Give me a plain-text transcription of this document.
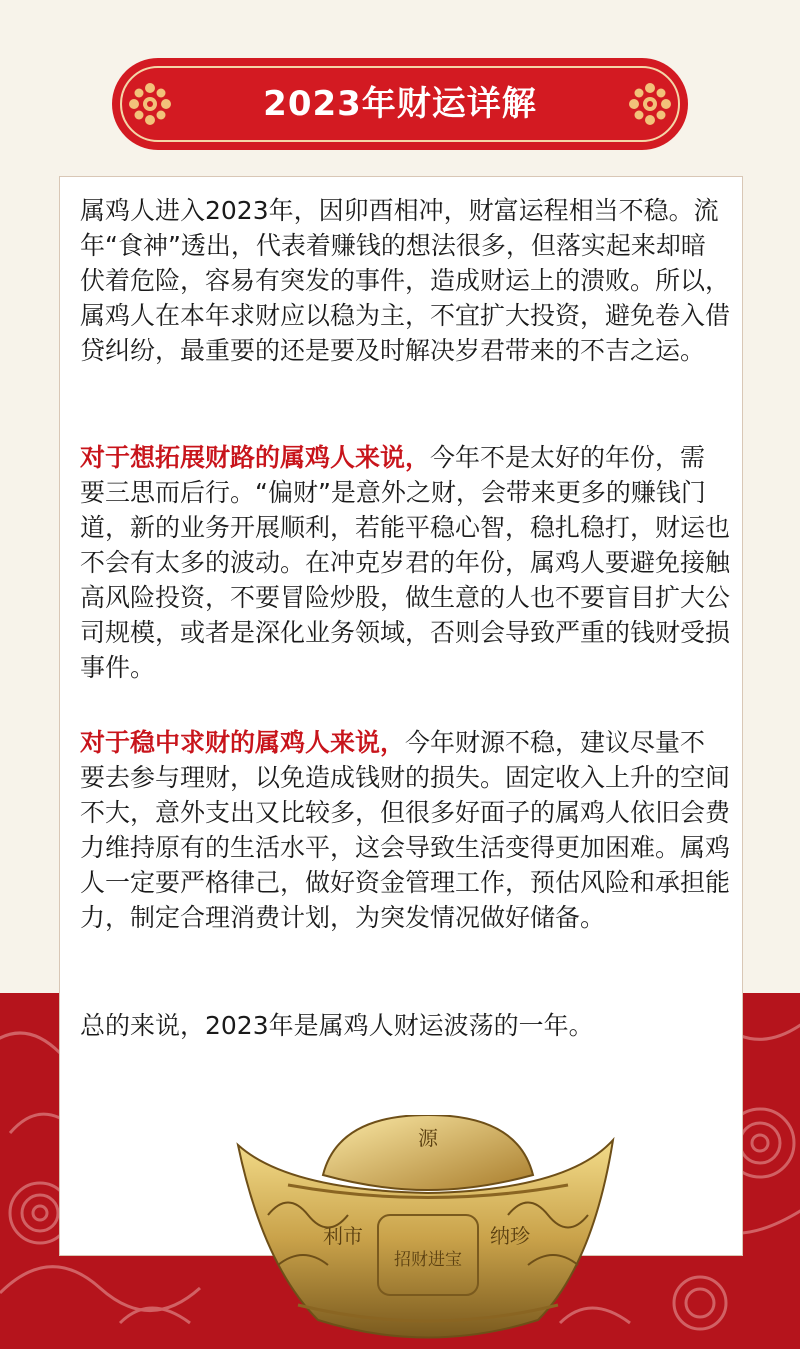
2023年财运详解

属鸡人进入2023年，因卯酉相冲，财富运程相当不稳。流年“食神”透出，代表着赚钱的想法很多，但落实起来却暗伏着危险，容易有突发的事件，造成财运上的溃败。所以，属鸡人在本年求财应以稳为主，不宜扩大投资，避免卷入借贷纠纷，最重要的还是要及时解决岁君带来的不吉之运。

对于想拓展财路的属鸡人来说，今年不是太好的年份，需要三思而后行。“偏财”是意外之财，会带来更多的赚钱门道，新的业务开展顺利，若能平稳心智，稳扎稳打，财运也不会有太多的波动。在冲克岁君的年份，属鸡人要避免接触高风险投资，不要冒险炒股，做生意的人也不要盲目扩大公司规模，或者是深化业务领域，否则会导致严重的钱财受损事件。

对于稳中求财的属鸡人来说，今年财源不稳，建议尽量不要去参与理财，以免造成钱财的损失。固定收入上升的空间不大，意外支出又比较多，但很多好面子的属鸡人依旧会费力维持原有的生活水平，这会导致生活变得更加困难。属鸡人一定要严格律己，做好资金管理工作，预估风险和承担能力，制定合理消费计划，为突发情况做好储备。

总的来说，2023年是属鸡人财运波荡的一年。

招财进宝
利市	纳珍
源
